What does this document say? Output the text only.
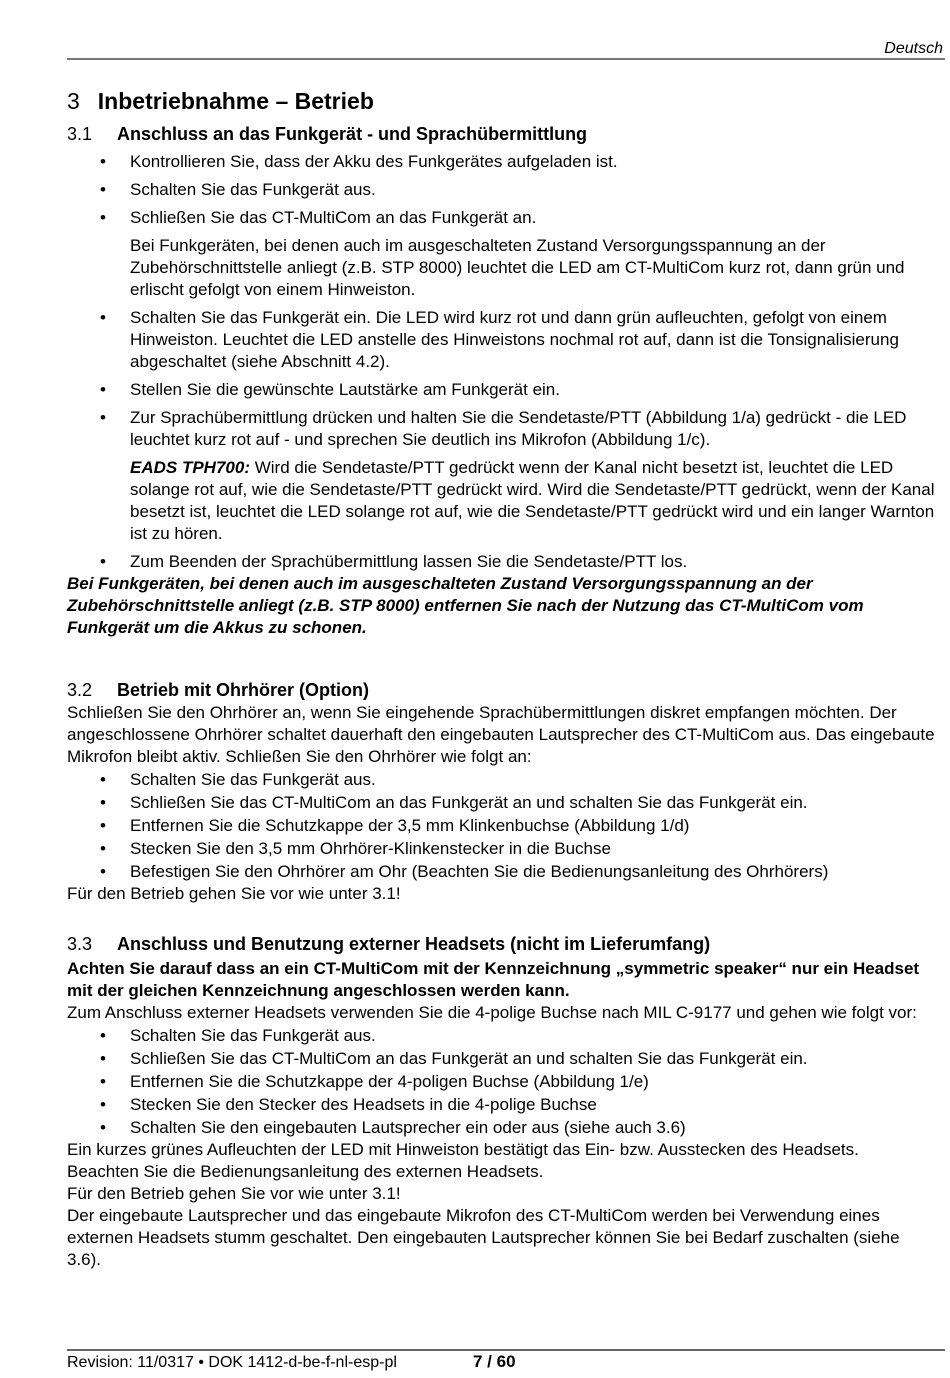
Deutsch
3 Inbetriebnahme – Betrieb
3.1 Anschluss an das Funkgerät - und Sprachübermittlung
• Kontrollieren Sie, dass der Akku des Funkgerätes aufgeladen ist.
• Schalten Sie das Funkgerät aus.
• Schließen Sie das CT-MultiCom an das Funkgerät an.
Bei Funkgeräten, bei denen auch im ausgeschalteten Zustand Versorgungsspannung an der Zubehörschnittstelle anliegt (z.B. STP 8000) leuchtet die LED am CT-MultiCom kurz rot, dann grün und erlischt gefolgt von einem Hinweiston.
• Schalten Sie das Funkgerät ein. Die LED wird kurz rot und dann grün aufleuchten, gefolgt von einem Hinweiston. Leuchtet die LED anstelle des Hinweistons nochmal rot auf, dann ist die Tonsignalisierung abgeschaltet (siehe Abschnitt 4.2).
• Stellen Sie die gewünschte Lautstärke am Funkgerät ein.
• Zur Sprachübermittlung drücken und halten Sie die Sendetaste/PTT (Abbildung 1/a) gedrückt - die LED leuchtet kurz rot auf - und sprechen Sie deutlich ins Mikrofon (Abbildung 1/c).
EADS TPH700: Wird die Sendetaste/PTT gedrückt wenn der Kanal nicht besetzt ist, leuchtet die LED solange rot auf, wie die Sendetaste/PTT gedrückt wird. Wird die Sendetaste/PTT gedrückt, wenn der Kanal besetzt ist, leuchtet die LED solange rot auf, wie die Sendetaste/PTT gedrückt wird und ein langer Warnton ist zu hören.
• Zum Beenden der Sprachübermittlung lassen Sie die Sendetaste/PTT los.

Bei Funkgeräten, bei denen auch im ausgeschalteten Zustand Versorgungsspannung an der Zubehörschnittstelle anliegt (z.B. STP 8000) entfernen Sie nach der Nutzung das CT-MultiCom vom Funkgerät um die Akkus zu schonen.

3.2 Betrieb mit Ohrhörer (Option)

Schließen Sie den Ohrhörer an, wenn Sie eingehende Sprachübermittlungen diskret empfangen möchten. Der angeschlossene Ohrhörer schaltet dauerhaft den eingebauten Lautsprecher des CT-MultiCom aus. Das eingebaute Mikrofon bleibt aktiv. Schließen Sie den Ohrhörer wie folgt an:

• Schalten Sie das Funkgerät aus.
• Schließen Sie das CT-MultiCom an das Funkgerät an und schalten Sie das Funkgerät ein.
• Entfernen Sie die Schutzkappe der 3,5 mm Klinkenbuchse (Abbildung 1/d)
• Stecken Sie den 3,5 mm Ohrhörer-Klinkenstecker in die Buchse
• Befestigen Sie den Ohrhörer am Ohr (Beachten Sie die Bedienungsanleitung des Ohrhörers)

Für den Betrieb gehen Sie vor wie unter 3.1!

3.3 Anschluss und Benutzung externer Headsets (nicht im Lieferumfang)

Achten Sie darauf dass an ein CT-MultiCom mit der Kennzeichnung „symmetric speaker“ nur ein Headset mit der gleichen Kennzeichnung angeschlossen werden kann.

Zum Anschluss externer Headsets verwenden Sie die 4-polige Buchse nach MIL C-9177 und gehen wie folgt vor:

• Schalten Sie das Funkgerät aus.
• Schließen Sie das CT-MultiCom an das Funkgerät an und schalten Sie das Funkgerät ein.
• Entfernen Sie die Schutzkappe der 4-poligen Buchse (Abbildung 1/e)
• Stecken Sie den Stecker des Headsets in die 4-polige Buchse
• Schalten Sie den eingebauten Lautsprecher ein oder aus (siehe auch 3.6)

Ein kurzes grünes Aufleuchten der LED mit Hinweiston bestätigt das Ein- bzw. Ausstecken des Headsets.

Beachten Sie die Bedienungsanleitung des externen Headsets.

Für den Betrieb gehen Sie vor wie unter 3.1!

Der eingebaute Lautsprecher und das eingebaute Mikrofon des CT-MultiCom werden bei Verwendung eines externen Headsets stumm geschaltet. Den eingebauten Lautsprecher können Sie bei Bedarf zuschalten (siehe 3.6).

Revision: 11/0317 • DOK 1412-d-be-f-nl-esp-pl	7 / 60
